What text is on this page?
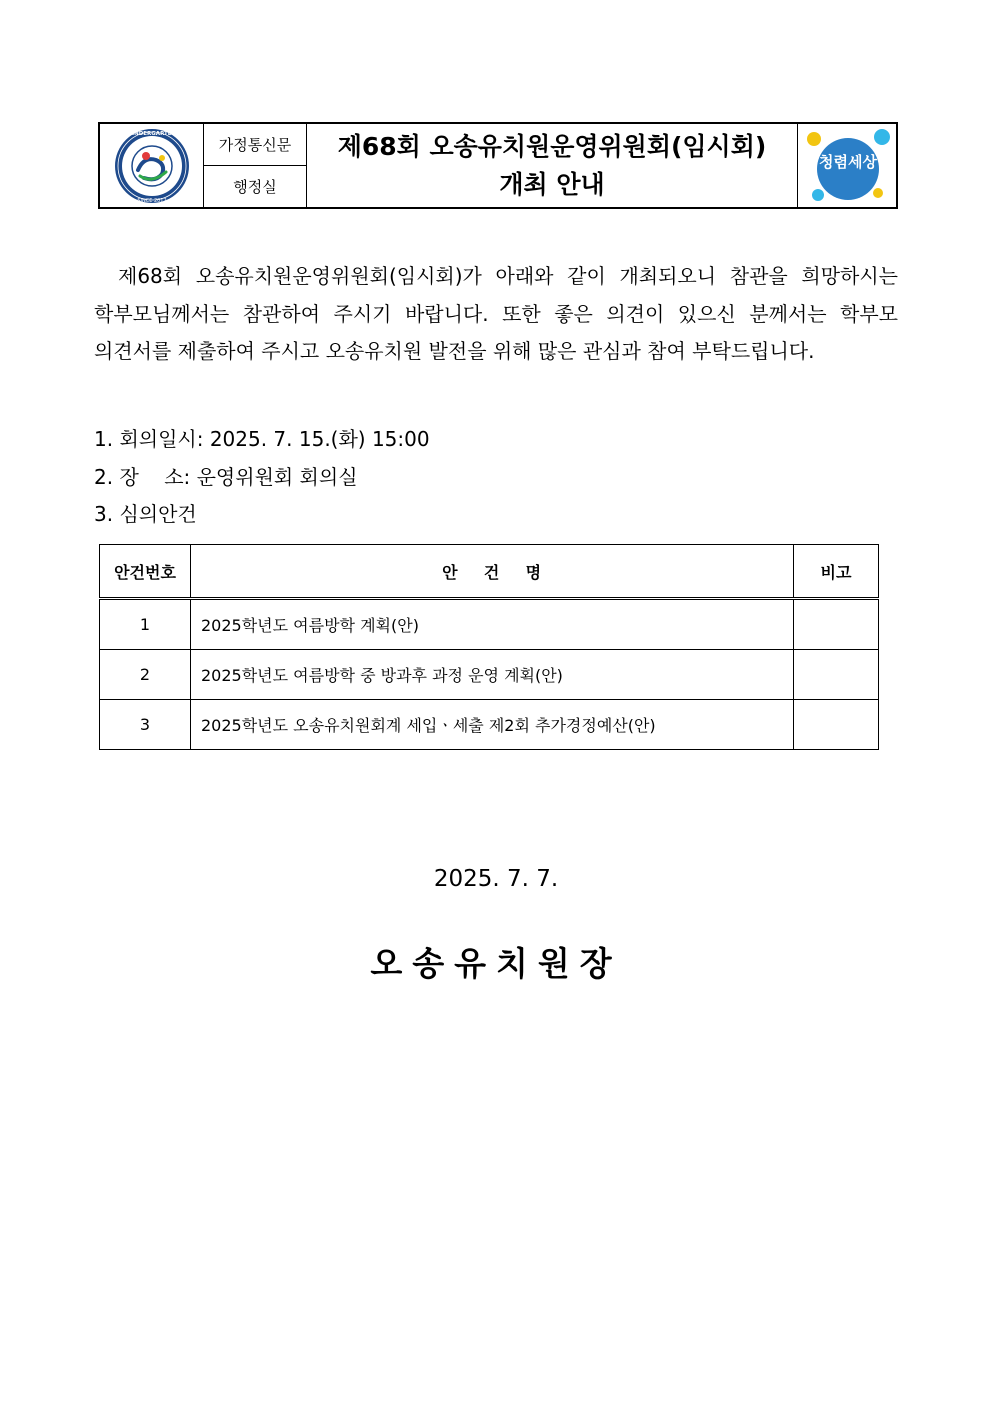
KINDERGARTEN
SINCE 2012
가정통신문
행정실
제68회 오송유치원운영위원회(임시회)
개최 안내
청렴세상

제68회 오송유치원운영위원회(임시회)가 아래와 같이 개최되오니 참관을 희망하시는 학부모님께서는 참관하여 주시기 바랍니다. 또한 좋은 의견이 있으신 분께서는 학부모 의견서를 제출하여 주시고 오송유치원 발전을 위해 많은 관심과 참여 부탁드립니다.

1. 회의일시: 2025. 7. 15.(화) 15:00
2. 장    소: 운영위원회 회의실
3. 심의안건
안건번호	안    건    명	비고
1	2025학년도 여름방학 계획(안)	
2	2025학년도 여름방학 중 방과후 과정 운영 계획(안)	
3	2025학년도 오송유치원회계 세입ㆍ세출 제2회 추가경정예산(안)	
2025. 7. 7.
오송유치원장
